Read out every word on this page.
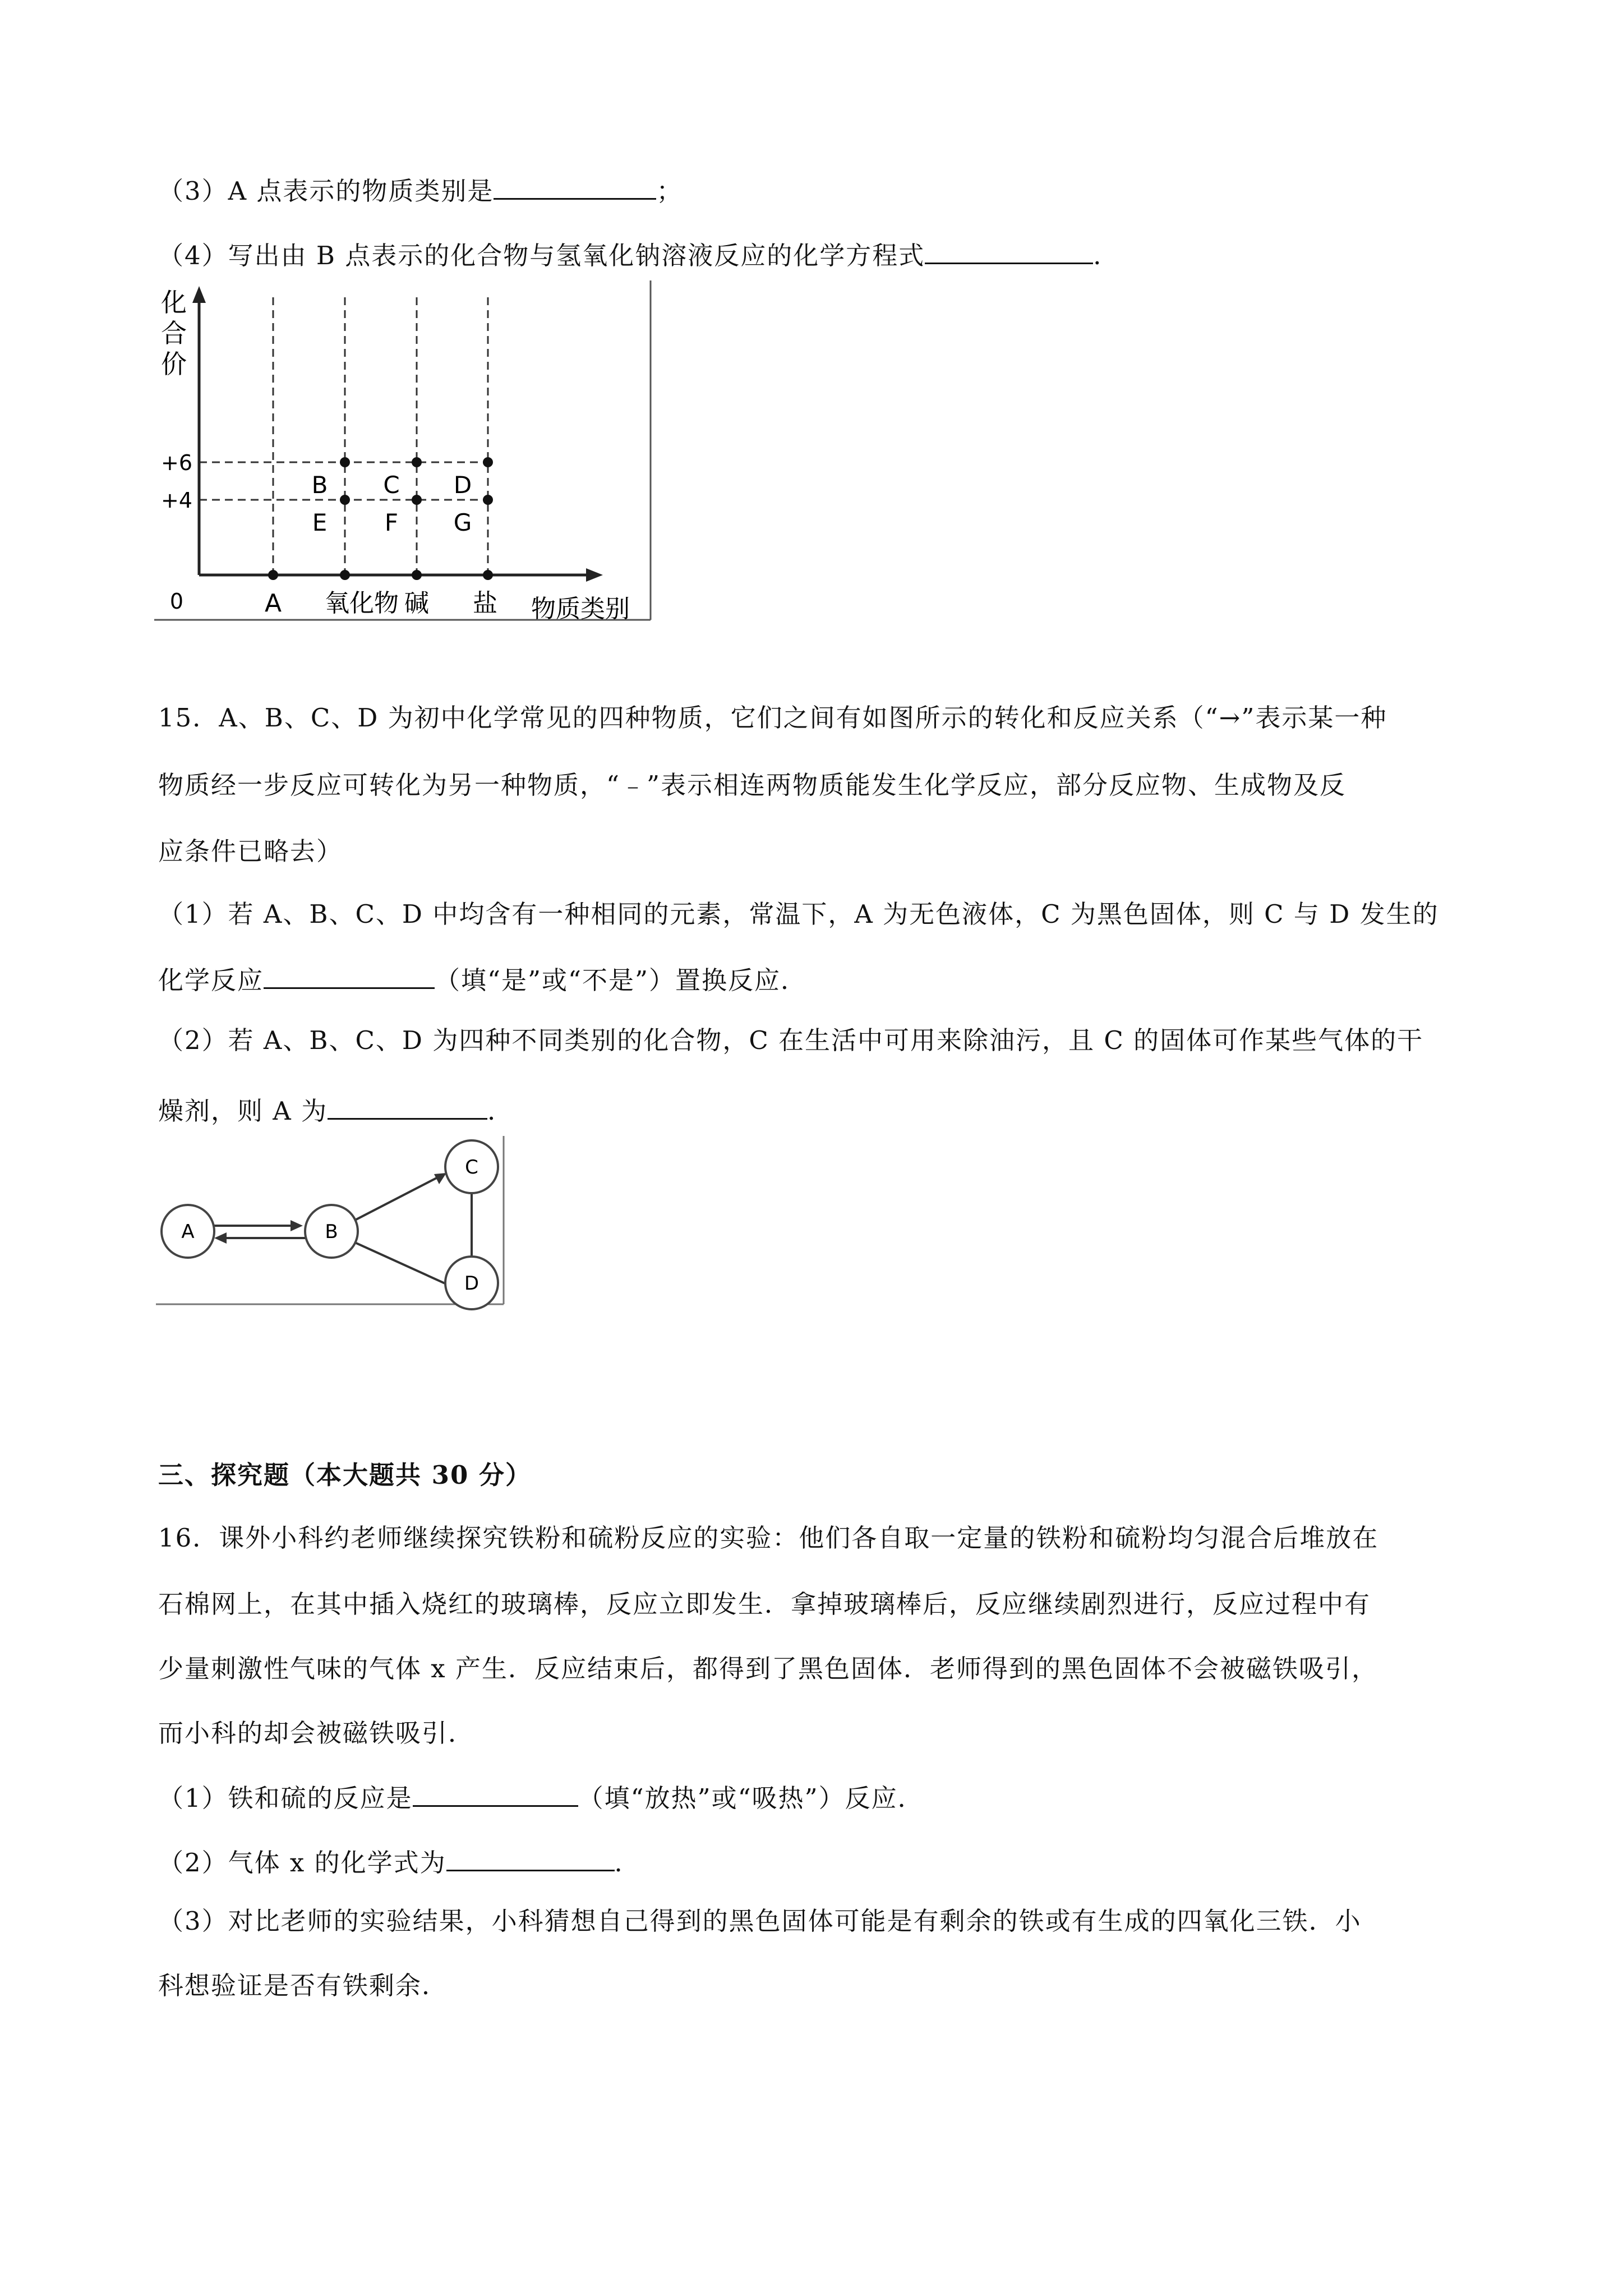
（3）A 点表示的物质类别是	；
（4）写出由 B 点表示的化合物与氢氧化钠溶液反应的化学方程式	．
化
合
价
+6
+4
0	A 氧化物 碱 盐 物质类别
B C D
E F G
15．A、B、C、D 为初中化学常见的四种物质，它们之间有如图所示的转化和反应关系（“→”表示某一种
物质经一步反应可转化为另一种物质，“﹣”表示相连两物质能发生化学反应，部分反应物、生成物及反
应条件已略去）
（1）若 A、B、C、D 中均含有一种相同的元素，常温下，A 为无色液体，C 为黑色固体，则 C 与 D 发生的
化学反应	（填“是”或“不是”）置换反应．
（2）若 A、B、C、D 为四种不同类别的化合物，C 在生活中可用来除油污，且 C 的固体可作某些气体的干
燥剂，则 A 为	．
A	B
C
D
三、探究题（本大题共 30 分）
16．课外小科约老师继续探究铁粉和硫粉反应的实验：他们各自取一定量的铁粉和硫粉均匀混合后堆放在
石棉网上，在其中插入烧红的玻璃棒，反应立即发生．拿掉玻璃棒后，反应继续剧烈进行，反应过程中有
少量刺激性气味的气体 x 产生．反应结束后，都得到了黑色固体．老师得到的黑色固体不会被磁铁吸引，
而小科的却会被磁铁吸引．
（1）铁和硫的反应是	（填“放热”或“吸热”）反应．
（2）气体 x 的化学式为	．
（3）对比老师的实验结果，小科猜想自己得到的黑色固体可能是有剩余的铁或有生成的四氧化三铁．小
科想验证是否有铁剩余．
